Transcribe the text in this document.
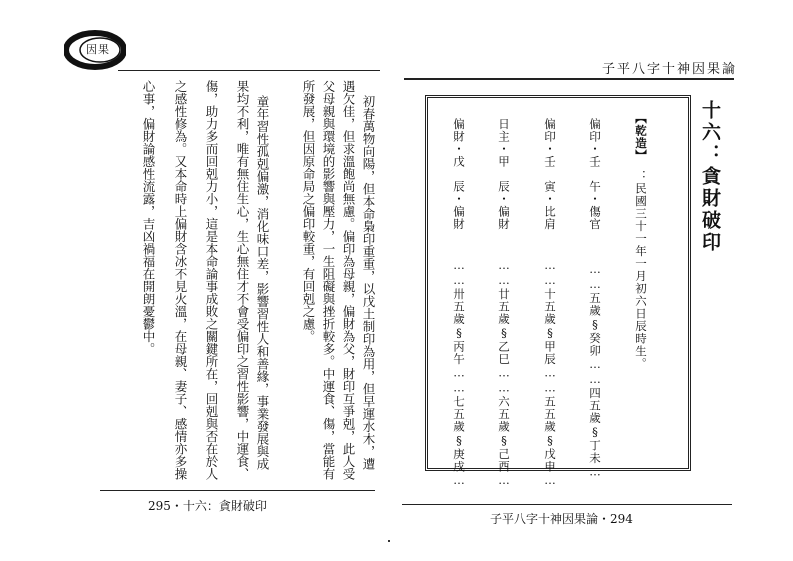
因果
子平八字十神因果論
初春萬物向陽，但本命梟印重重，以戊土制印為用，但早運水木，遭
遇欠佳，但求溫飽尚無慮。偏印為母親，偏財為父，財印互爭剋，此人受
父母親與環境的影響與壓力，一生阻礙與挫折較多。中運食、傷，當能有
所發展，但因原命局之偏印較重，有回剋之慮。
童年習性孤剋偏激，消化味口差，影響習性人和善緣，事業發展與成
果均不利，唯有無住生心，生心無住才不會受偏印之習性影響，中運食、
傷，助力多而回剋力小，這是本命論事成敗之關鍵所在，回剋與否在於人
之感性修為。又本命時上偏財含冰不見火溫，在母親、妻子、感情亦多操
心事，偏財論感性流露，吉凶禍福在開朗憂鬱中。
295・十六：貪財破印
十六：貪財破印
【乾造】
：民國三十一年一月初六日辰時生。
偏印・壬　午・傷官
……五歲§癸卯……四五歲§丁未…
偏印・壬　寅・比肩
……十五歲§甲辰……五五歲§戊申…
日主・甲　辰・偏財
……廿五歲§乙巳……六五歲§己酉…
偏財・戊　辰・偏財
……卅五歲§丙午……七五歲§庚戌…
子平八字十神因果論・294
